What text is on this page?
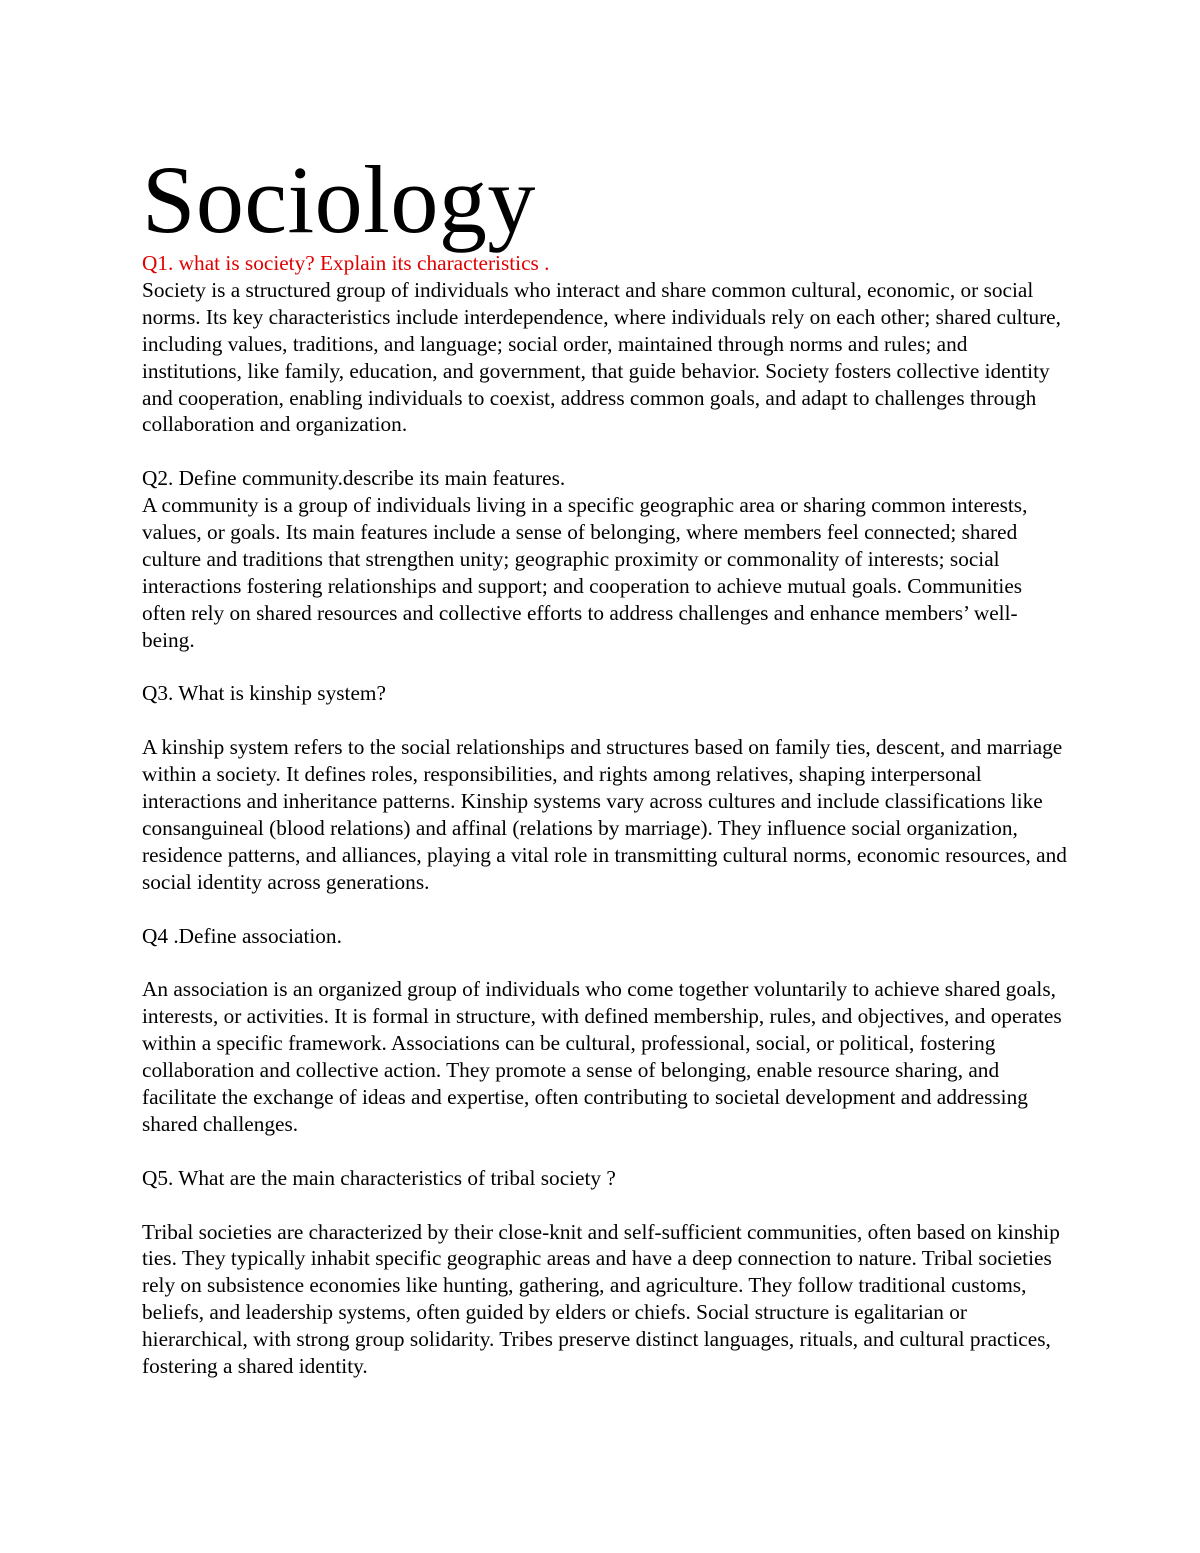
Sociology

Q1. what is society? Explain its characteristics .

Society is a structured group of individuals who interact and share common cultural, economic, or social norms. Its key characteristics include interdependence, where individuals rely on each other; shared culture, including values, traditions, and language; social order, maintained through norms and rules; and institutions, like family, education, and government, that guide behavior. Society fosters collective identity and cooperation, enabling individuals to coexist, address common goals, and adapt to challenges through collaboration and organization.

Q2. Define community.describe its main features.

A community is a group of individuals living in a specific geographic area or sharing common interests, values, or goals. Its main features include a sense of belonging, where members feel connected; shared culture and traditions that strengthen unity; geographic proximity or commonality of interests; social interactions fostering relationships and support; and cooperation to achieve mutual goals. Communities often rely on shared resources and collective efforts to address challenges and enhance members’ well-being.

Q3. What is kinship system?

A kinship system refers to the social relationships and structures based on family ties, descent, and marriage within a society. It defines roles, responsibilities, and rights among relatives, shaping interpersonal interactions and inheritance patterns. Kinship systems vary across cultures and include classifications like consanguineal (blood relations) and affinal (relations by marriage). They influence social organization, residence patterns, and alliances, playing a vital role in transmitting cultural norms, economic resources, and social identity across generations.

Q4 .Define association.

An association is an organized group of individuals who come together voluntarily to achieve shared goals, interests, or activities. It is formal in structure, with defined membership, rules, and objectives, and operates within a specific framework. Associations can be cultural, professional, social, or political, fostering collaboration and collective action. They promote a sense of belonging, enable resource sharing, and facilitate the exchange of ideas and expertise, often contributing to societal development and addressing shared challenges.

Q5. What are the main characteristics of tribal society ?

Tribal societies are characterized by their close-knit and self-sufficient communities, often based on kinship ties. They typically inhabit specific geographic areas and have a deep connection to nature. Tribal societies rely on subsistence economies like hunting, gathering, and agriculture. They follow traditional customs, beliefs, and leadership systems, often guided by elders or chiefs. Social structure is egalitarian or hierarchical, with strong group solidarity. Tribes preserve distinct languages, rituals, and cultural practices, fostering a shared identity.
